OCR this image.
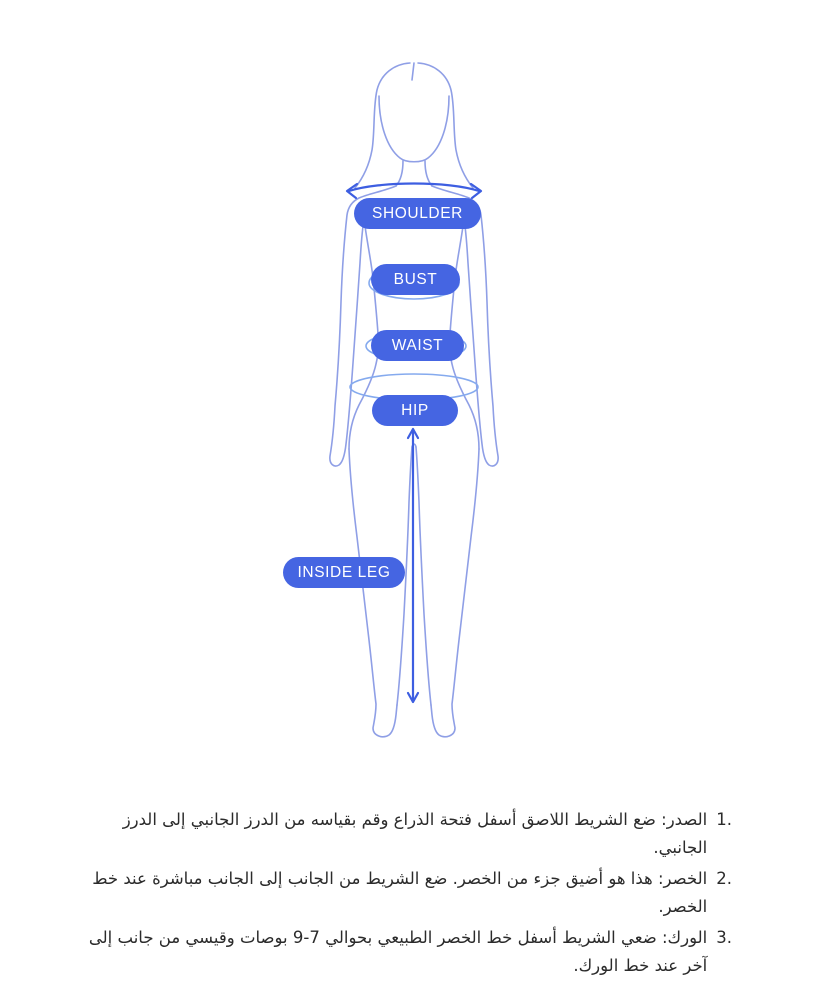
SHOULDER
BUST
WAIST
HIP
INSIDE LEG
1.
الصدر: ضع الشريط اللاصق أسفل فتحة الذراع وقم بقياسه من الدرز الجانبي إلى الدرز الجانبي.
2.
الخصر: هذا هو أضيق جزء من الخصر. ضع الشريط من الجانب إلى الجانب مباشرة عند خط الخصر.
3.
الورك: ضعي الشريط أسفل خط الخصر الطبيعي بحوالي 7-9 بوصات وقيسي من جانب إلى آخر عند خط الورك.
